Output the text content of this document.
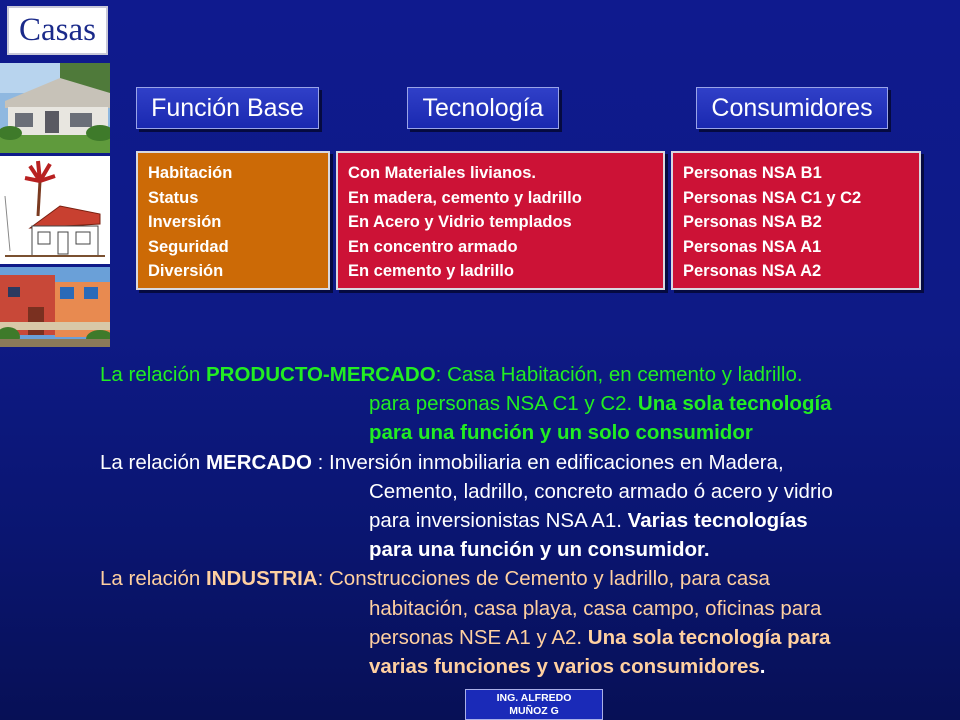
Casas
Función Base	Tecnología	Consumidores
Habitación
Status
Inversión
Seguridad
Diversión
Con Materiales livianos.
En madera, cemento y ladrillo
En Acero y Vidrio templados
En concentro armado
En cemento y ladrillo
Personas NSA B1
Personas NSA C1 y C2
Personas NSA B2
Personas NSA A1
Personas NSA A2
La relación PRODUCTO-MERCADO: Casa Habitación, en cemento y ladrillo.
para personas NSA C1 y C2. Una sola tecnología
para una función y un solo consumidor
La relación MERCADO : Inversión inmobiliaria en edificaciones en Madera,
Cemento, ladrillo, concreto armado ó acero y vidrio
para inversionistas NSA A1. Varias tecnologías
para una función y un consumidor.
La relación INDUSTRIA: Construcciones de Cemento y ladrillo, para casa
habitación, casa playa, casa campo, oficinas para
personas NSE A1 y A2. Una sola tecnología para
varias funciones y varios consumidores.
ING. ALFREDO
MUÑOZ G
